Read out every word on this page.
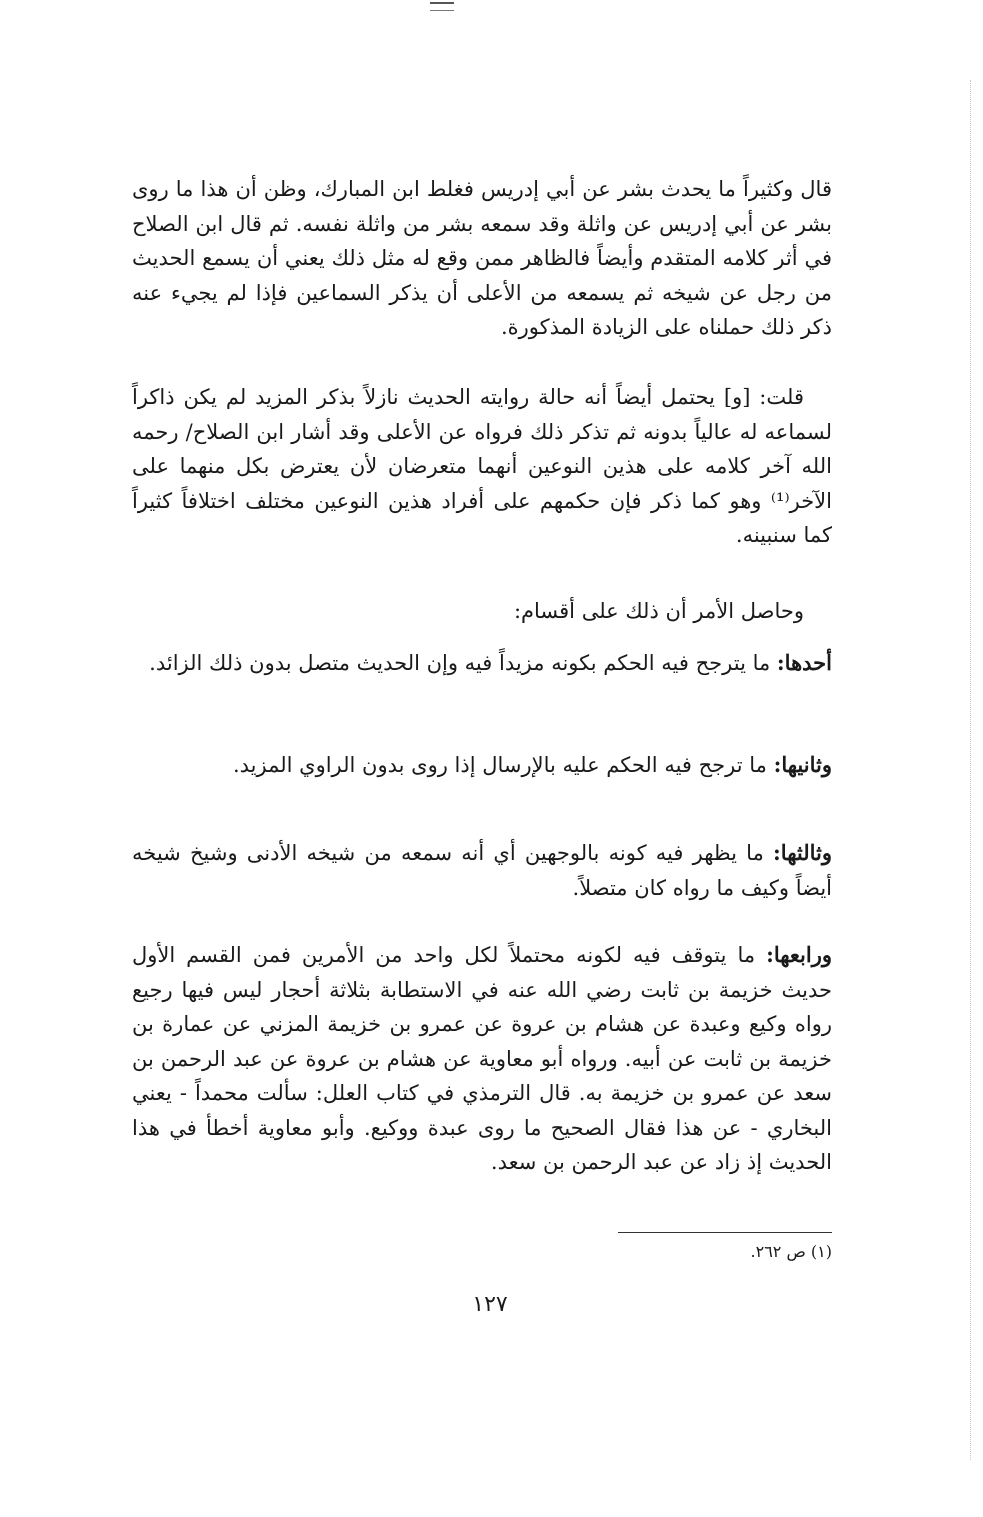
قال وكثيراً ما يحدث بشر عن أبي إدريس فغلط ابن المبارك، وظن أن هذا ما روى بشر عن أبي إدريس عن واثلة وقد سمعه بشر من واثلة نفسه. ثم قال ابن الصلاح في أثر كلامه المتقدم وأيضاً فالظاهر ممن وقع له مثل ذلك يعني أن يسمع الحديث من رجل عن شيخه ثم يسمعه من الأعلى أن يذكر السماعين فإذا لم يجيء عنه ذكر ذلك حملناه على الزيادة المذكورة.

قلت: [و] يحتمل أيضاً أنه حالة روايته الحديث نازلاً بذكر المزيد لم يكن ذاكراً لسماعه له عالياً بدونه ثم تذكر ذلك فرواه عن الأعلى وقد أشار ابن الصلاح/ رحمه الله آخر كلامه على هذين النوعين أنهما متعرضان لأن يعترض بكل منهما على الآخر⁽¹⁾ وهو كما ذكر فإن حكمهم على أفراد هذين النوعين مختلف اختلافاً كثيراً كما سنبينه.

وحاصل الأمر أن ذلك على أقسام:

أحدها: ما يترجح فيه الحكم بكونه مزيداً فيه وإن الحديث متصل بدون ذلك الزائد.

وثانيها: ما ترجح فيه الحكم عليه بالإرسال إذا روى بدون الراوي المزيد.

وثالثها: ما يظهر فيه كونه بالوجهين أي أنه سمعه من شيخه الأدنى وشيخ شيخه أيضاً وكيف ما رواه كان متصلاً.

ورابعها: ما يتوقف فيه لكونه محتملاً لكل واحد من الأمرين فمن القسم الأول حديث خزيمة بن ثابت رضي الله عنه في الاستطابة بثلاثة أحجار ليس فيها رجيع رواه وكيع وعبدة عن هشام بن عروة عن عمرو بن خزيمة المزني عن عمارة بن خزيمة بن ثابت عن أبيه. ورواه أبو معاوية عن هشام بن عروة عن عبد الرحمن بن سعد عن عمرو بن خزيمة به. قال الترمذي في كتاب العلل: سألت محمداً - يعني البخاري - عن هذا فقال الصحيح ما روى عبدة ووكيع. وأبو معاوية أخطأ في هذا الحديث إذ زاد عن عبد الرحمن بن سعد.

(١) ص ٢٦٢.
١٢٧
